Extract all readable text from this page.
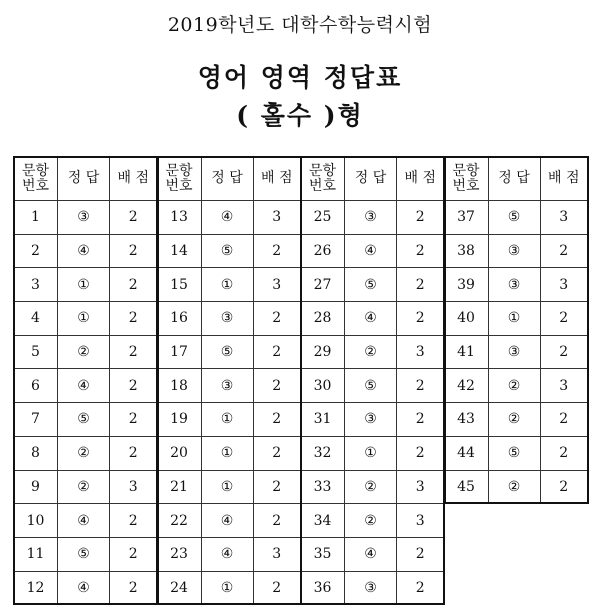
2019학년도 대학수학능력시험
영어 영역 정답표
( 홀수 )형
문항
번호	정 답	배 점
1	③	2
2	④	2
3	①	2
4	①	2
5	②	2
6	④	2
7	⑤	2
8	②	2
9	②	3
10	④	2
11	⑤	2
12	④	2
문항
번호	정 답	배 점
13	④	3
14	⑤	2
15	①	3
16	③	2
17	⑤	2
18	③	2
19	①	2
20	①	2
21	①	2
22	④	2
23	④	3
24	①	2
문항
번호	정 답	배 점
25	③	2
26	④	2
27	⑤	2
28	④	2
29	②	3
30	⑤	2
31	③	2
32	①	2
33	②	3
34	②	3
35	④	2
36	③	2
문항
번호	정 답	배 점
37	⑤	3
38	③	2
39	③	3
40	①	2
41	③	2
42	②	3
43	②	2
44	⑤	2
45	②	2
